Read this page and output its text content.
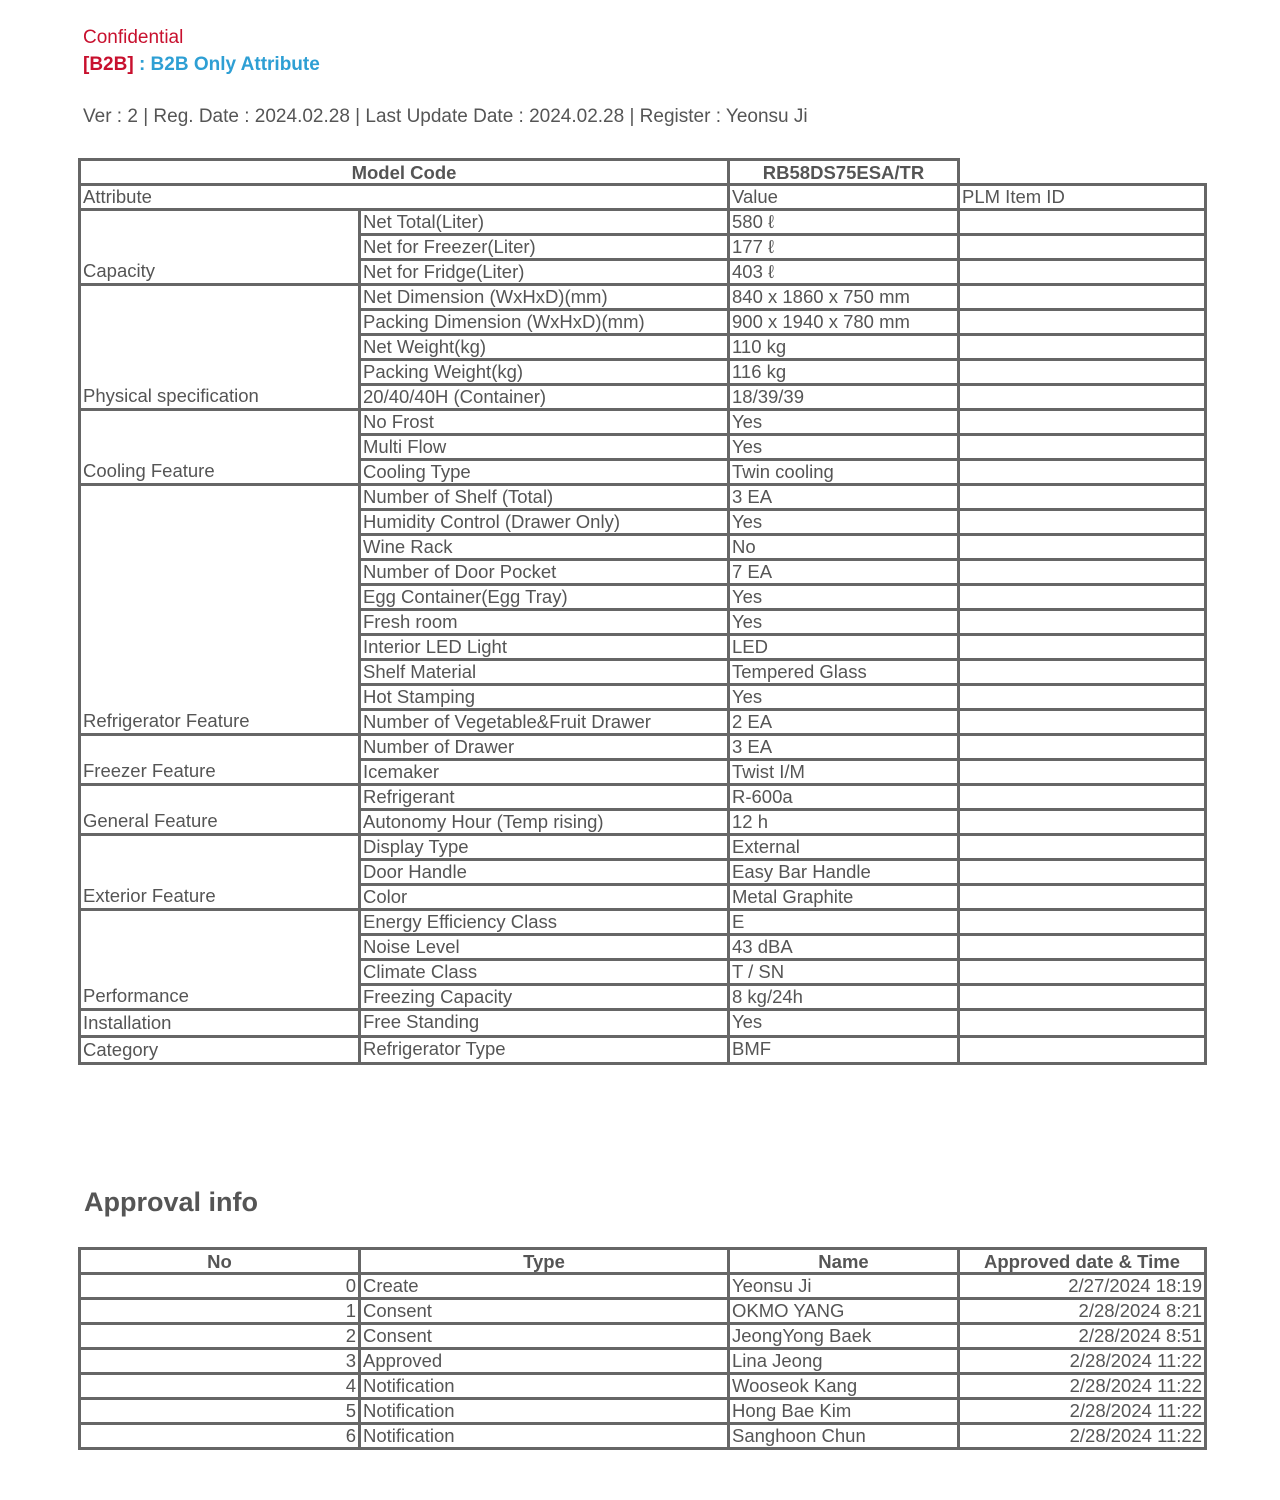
Confidential
[B2B] : B2B Only Attribute
Ver : 2 | Reg. Date : 2024.02.28 | Last Update Date : 2024.02.28 | Register : Yeonsu Ji
Model Code		RB58DS75ESA/TR	
Attribute		Value	PLM Item ID
Capacity	Net Total(Liter)	580 ℓ	
	Net for Freezer(Liter)	177 ℓ	
	Net for Fridge(Liter)	403 ℓ	
Physical specification	Net Dimension (WxHxD)(mm)	840 x 1860 x 750 mm	
	Packing Dimension (WxHxD)(mm)	900 x 1940 x 780 mm	
	Net Weight(kg)	110 kg	
	Packing Weight(kg)	116 kg	
	20/40/40H (Container)	18/39/39	
Cooling Feature	No Frost	Yes	
	Multi Flow	Yes	
	Cooling Type	Twin cooling	
Refrigerator Feature	Number of Shelf (Total)	3 EA	
	Humidity Control (Drawer Only)	Yes	
	Wine Rack	No	
	Number of Door Pocket	7 EA	
	Egg Container(Egg Tray)	Yes	
	Fresh room	Yes	
	Interior LED Light	LED	
	Shelf Material	Tempered Glass	
	Hot Stamping	Yes	
	Number of Vegetable&Fruit Drawer	2 EA	
Freezer Feature	Number of Drawer	3 EA	
	Icemaker	Twist I/M	
General Feature	Refrigerant	R-600a	
	Autonomy Hour (Temp rising)	12 h	
Exterior Feature	Display Type	External	
	Door Handle	Easy Bar Handle	
	Color	Metal Graphite	
Performance	Energy Efficiency Class	E	
	Noise Level	43 dBA	
	Climate Class	T / SN	
	Freezing Capacity	8 kg/24h	
Installation	Free Standing	Yes	
Category	Refrigerator Type	BMF	
Approval info
No	Type	Name	Approved date & Time
0	Create	Yeonsu Ji	2/27/2024 18:19
1	Consent	OKMO YANG	2/28/2024 8:21
2	Consent	JeongYong Baek	2/28/2024 8:51
3	Approved	Lina Jeong	2/28/2024 11:22
4	Notification	Wooseok Kang	2/28/2024 11:22
5	Notification	Hong Bae Kim	2/28/2024 11:22
6	Notification	Sanghoon Chun	2/28/2024 11:22
